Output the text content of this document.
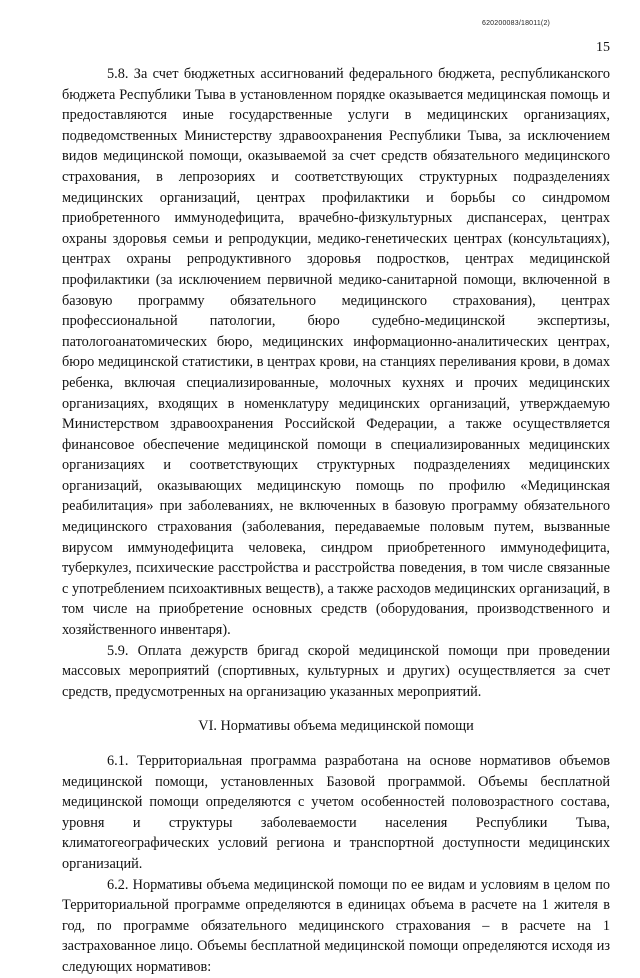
620200083/18011(2)
15

5.8. За счет бюджетных ассигнований федерального бюджета, республиканского бюджета Республики Тыва в установленном порядке оказывается медицинская помощь и предоставляются иные государственные услуги в медицинских организациях, подведомственных Министерству здравоохранения Республики Тыва, за исключением видов медицинской помощи, оказываемой за счет средств обязательного медицинского страхования, в лепрозориях и соответствующих структурных подразделениях медицинских организаций, центрах профилактики и борьбы со синдромом приобретенного иммунодефицита, врачебно-физкультурных диспансерах, центрах охраны здоровья семьи и репродукции, медико-генетических центрах (консультациях), центрах охраны репродуктивного здоровья подростков, центрах медицинской профилактики (за исключением первичной медико-санитарной помощи, включенной в базовую программу обязательного медицинского страхования), центрах профессиональной патологии, бюро судебно-медицинской экспертизы, патологоанатомических бюро, медицинских информационно-аналитических центрах, бюро медицинской статистики, в центрах крови, на станциях переливания крови, в домах ребенка, включая специализированные, молочных кухнях и прочих медицинских организациях, входящих в номенклатуру медицинских организаций, утверждаемую Министерством здравоохранения Российской Федерации, а также осуществляется финансовое обеспечение медицинской помощи в специализированных медицинских организациях и соответствующих структурных подразделениях медицинских организаций, оказывающих медицинскую помощь по профилю «Медицинская реабилитация» при заболеваниях, не включенных в базовую программу обязательного медицинского страхования (заболевания, передаваемые половым путем, вызванные вирусом иммунодефицита человека, синдром приобретенного иммунодефицита, туберкулез, психические расстройства и расстройства поведения, в том числе связанные с употреблением психоактивных веществ), а также расходов медицинских организаций, в том числе на приобретение основных средств (оборудования, производственного и хозяйственного инвентаря).

5.9. Оплата дежурств бригад скорой медицинской помощи при проведении массовых мероприятий (спортивных, культурных и других) осуществляется за счет средств, предусмотренных на организацию указанных мероприятий.

VI. Нормативы объема медицинской помощи

6.1. Территориальная программа разработана на основе нормативов объемов медицинской помощи, установленных Базовой программой. Объемы бесплатной медицинской помощи определяются с учетом особенностей половозрастного состава, уровня и структуры заболеваемости населения Республики Тыва, климатогеографических условий региона и транспортной доступности медицинских организаций.

6.2. Нормативы объема медицинской помощи по ее видам и условиям в целом по Территориальной программе определяются в единицах объема в расчете на 1 жителя в год, по программе обязательного медицинского страхования – в расчете на 1 застрахованное лицо. Объемы бесплатной медицинской помощи определяются исходя из следующих нормативов:
